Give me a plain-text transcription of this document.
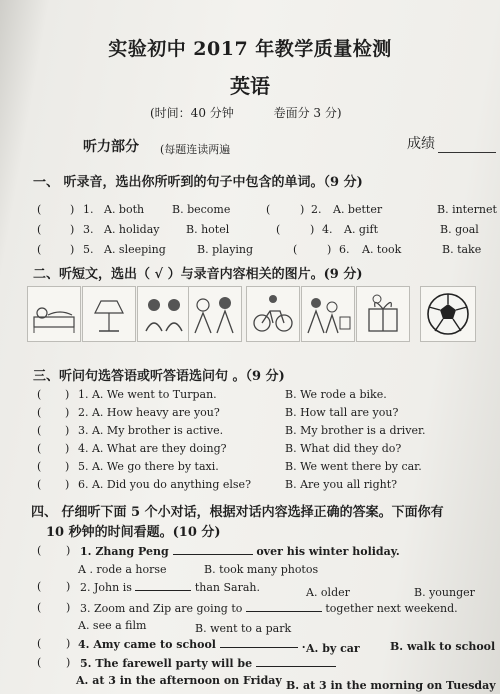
实验初中 2017 年教学质量检测
英语
(时间：40 分钟	卷面分 3 分)
听力部分 (每题连读两遍	成绩
一、 听录音，选出你所听到的句子中包含的单词。（9 分)
(	) 1. A. both	B. become	(	) 2. A. better	B. internet
(	) 3. A. holiday B. hotel	(	) 4. A. gift	B. goal
(	) 5. A. sleeping	B. playing	(	) 6. A. took	B. take
二、听短文，选出（ √ ）与录音内容相关的图片。(9 分)
三、听问句选答语或听答语选问句 。（9 分)
( ) 1. A. We went to Turpan.	B. We rode a bike.
( ) 2. A. How heavy are you?	B. How tall are you?
( ) 3. A. My brother is active.	B. My brother is a driver.
( ) 4. A. What are they doing?	B. What did they do?
( ) 5. A. We go there by taxi.	B. We went there by car.
( ) 6. A. Did you do anything else?	B. Are you all right?
四、 仔细听下面 5 个小对话，根据对话内容选择正确的答案。下面你有
10 秒钟的时间看题。(10 分)
( ) 1. Zhang Peng	over his winter holiday.
A . rode a horse	B. took many photos
( ) 2. John is	than Sarah.	A. older	B. younger
( ) 3. Zoom and Zip are going to	together next weekend.
A. see a film	B. went to a park
( ) 4. Amy came to school	. A. by car	B. walk to school
( ) 5. The farewell party will be
A. at 3 in the afternoon on Friday B. at 3 in the morning on Tuesday
